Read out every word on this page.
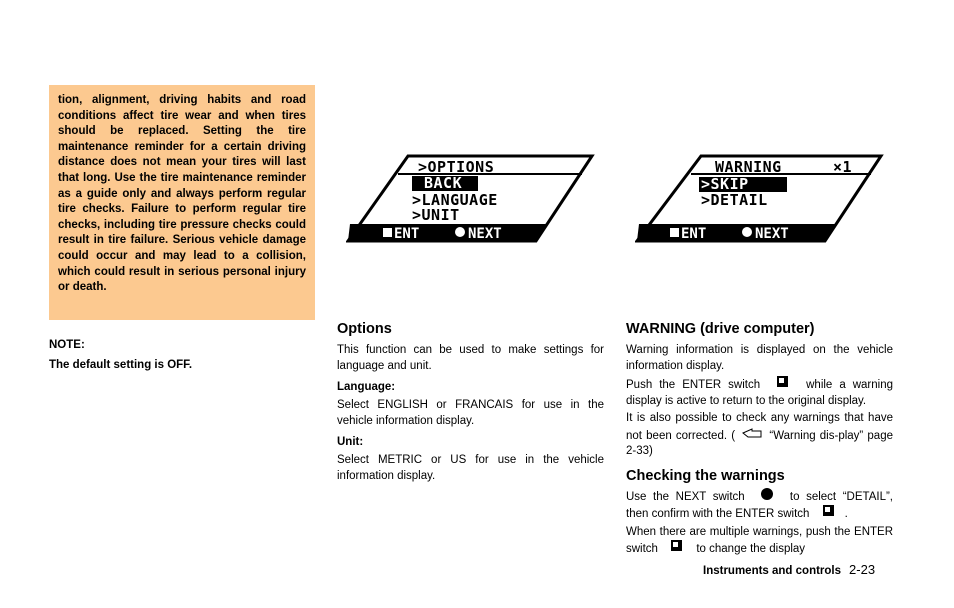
tion, alignment, driving habits and road conditions affect tire wear and when tires should be replaced. Setting the tire maintenance reminder for a certain driving distance does not mean your tires will last that long. Use the tire maintenance reminder as a guide only and always perform regular tire checks. Failure to perform regular tire checks, including tire pressure checks could result in tire failure. Serious vehicle damage could occur and may lead to a collision, which could result in serious personal injury or death.

NOTE:
The default setting is OFF.
>OPTIONS
BACK
>LANGUAGE
>UNIT
ENT	NEXT
WARNING	×1
>SKIP
>DETAIL
ENT	NEXT
Options

This function can be used to make settings for language and unit.

Language:

Select ENGLISH or FRANCAIS for use in the vehicle information display.

Unit:

Select METRIC or US for use in the vehicle information display.

WARNING (drive computer)

Warning information is displayed on the vehicle information display.

Push the ENTER switch	while a warning display is active to return to the original display.

It is also possible to check any warnings that have not been corrected. (	“Warning dis-play” page 2-33)

Checking the warnings

Use the NEXT switch	to select “DETAIL”, then confirm with the ENTER switch	.

When there are multiple warnings, push the ENTER switch	to change the display

Instruments and controls 2-23
